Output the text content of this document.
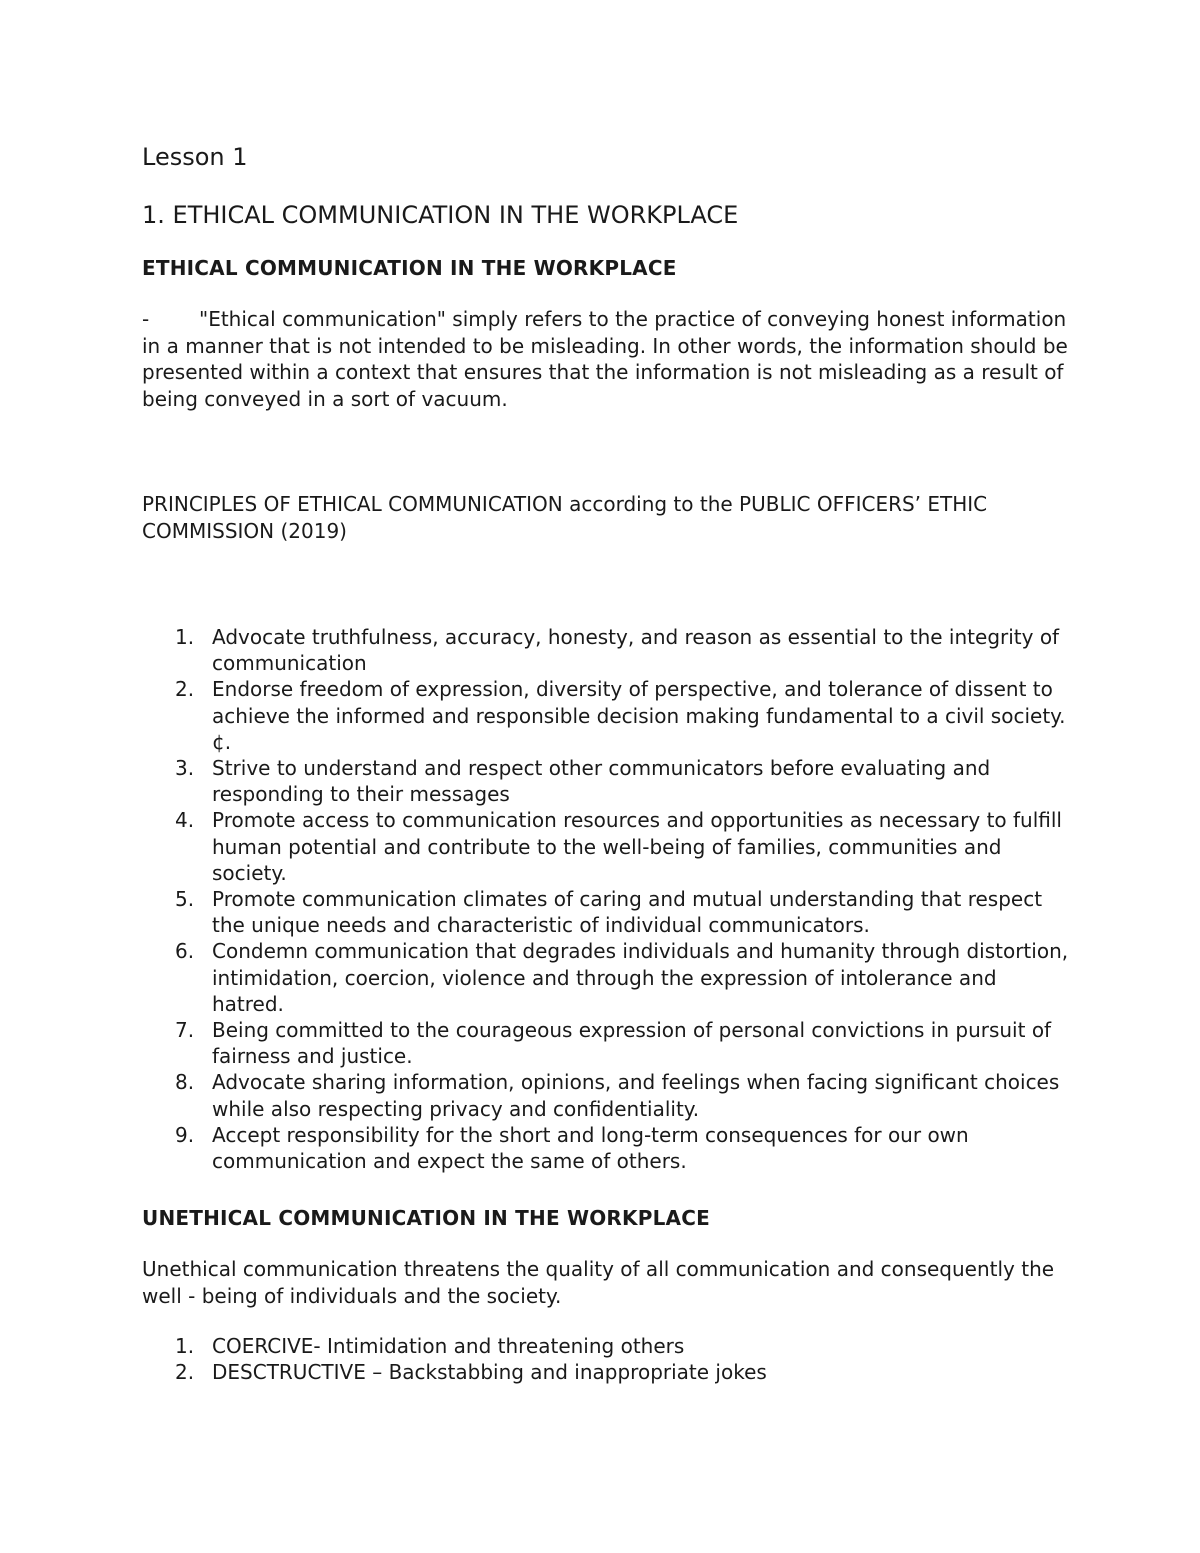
Lesson 1
1. ETHICAL COMMUNICATION IN THE WORKPLACE
ETHICAL COMMUNICATION IN THE WORKPLACE

- "Ethical communication" simply refers to the practice of conveying honest information in a manner that is not intended to be misleading. In other words, the information should be presented within a context that ensures that the information is not misleading as a result of being conveyed in a sort of vacuum.

PRINCIPLES OF ETHICAL COMMUNICATION according to the PUBLIC OFFICERS’ ETHIC COMMISSION (2019)

1. Advocate truthfulness, accuracy, honesty, and reason as essential to the integrity of communication
2. Endorse freedom of expression, diversity of perspective, and tolerance of dissent to achieve the informed and responsible decision making fundamental to a civil society.¢.
3. Strive to understand and respect other communicators before evaluating and responding to their messages
4. Promote access to communication resources and opportunities as necessary to fulfill human potential and contribute to the well-being of families, communities and society.
5. Promote communication climates of caring and mutual understanding that respect the unique needs and characteristic of individual communicators.
6. Condemn communication that degrades individuals and humanity through distortion, intimidation, coercion, violence and through the expression of intolerance and hatred.
7. Being committed to the courageous expression of personal convictions in pursuit of fairness and justice.
8. Advocate sharing information, opinions, and feelings when facing significant choices while also respecting privacy and confidentiality.
9. Accept responsibility for the short and long-term consequences for our own communication and expect the same of others.
UNETHICAL COMMUNICATION IN THE WORKPLACE

Unethical communication threatens the quality of all communication and consequently the well - being of individuals and the society.

1. COERCIVE- Intimidation and threatening others
2. DESCTRUCTIVE – Backstabbing and inappropriate jokes
